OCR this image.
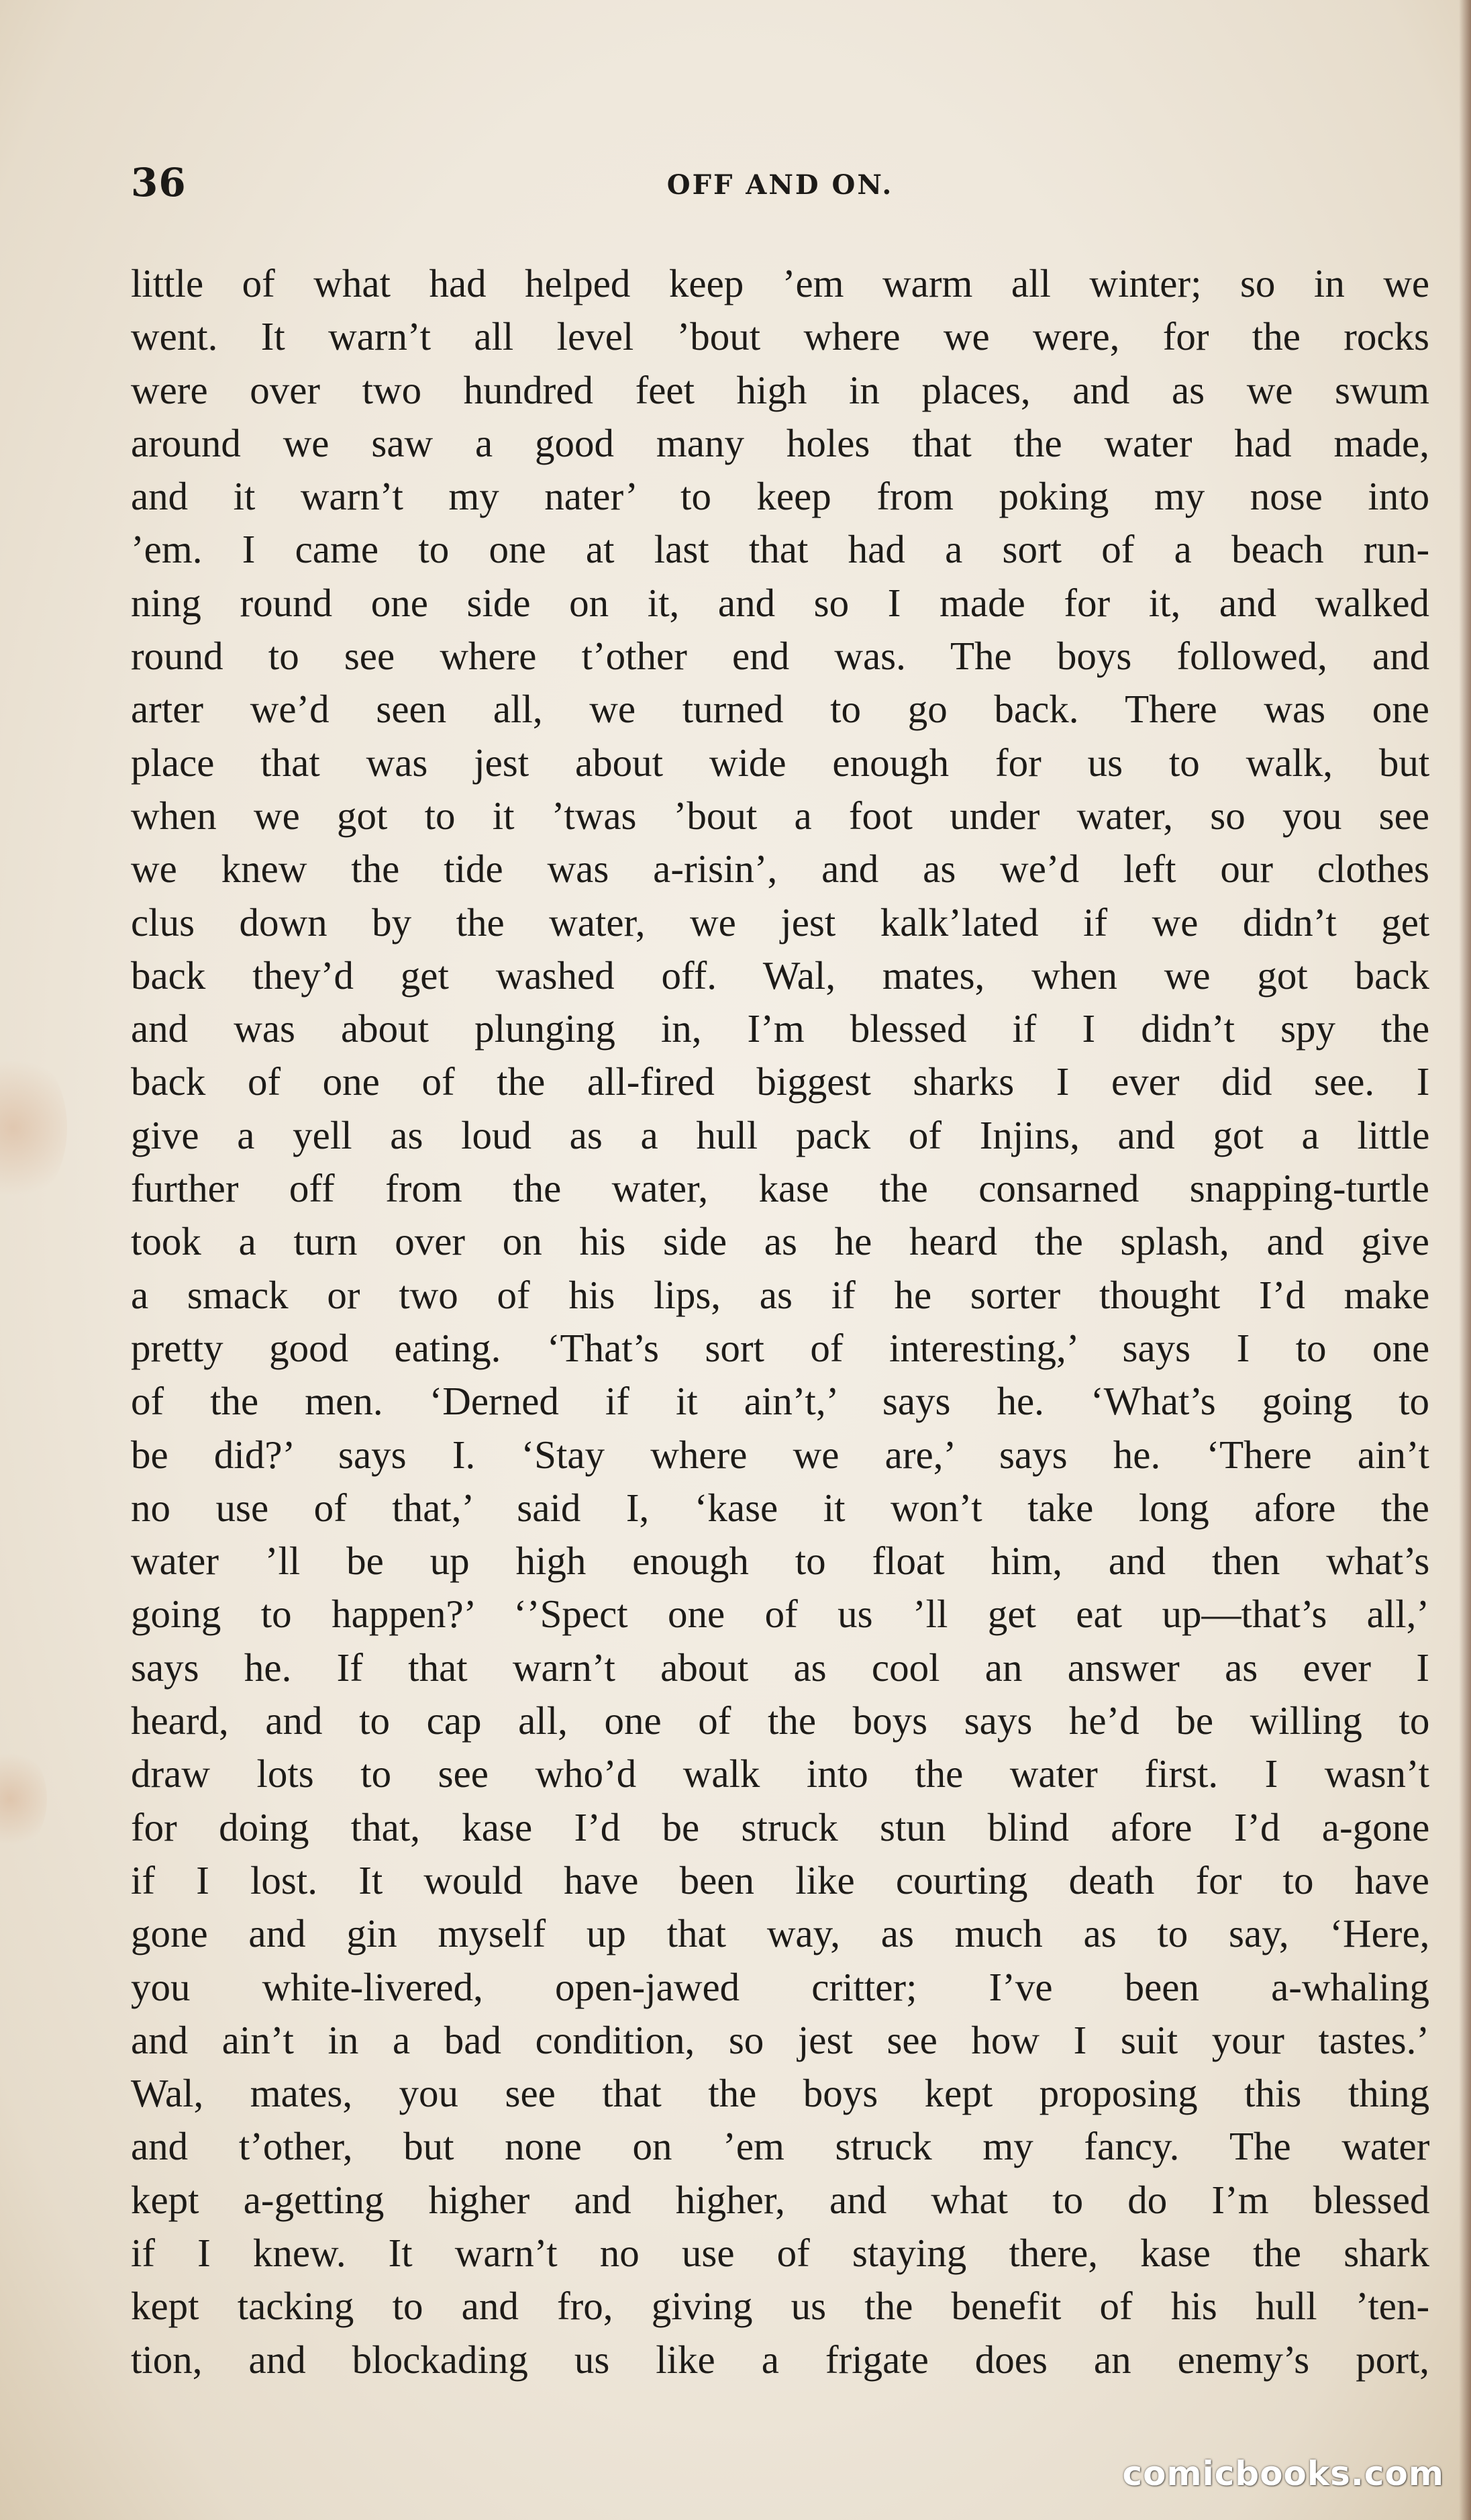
36	OFF AND ON.
little of what had helped keep ’em warm all winter; so in we
went. It warn’t all level ’bout where we were, for the rocks
were over two hundred feet high in places, and as we swum
around we saw a good many holes that the water had made,
and it warn’t my nater’ to keep from poking my nose into
’em. I came to one at last that had a sort of a beach run-
ning round one side on it, and so I made for it, and walked
round to see where t’other end was. The boys followed, and
arter we’d seen all, we turned to go back. There was one
place that was jest about wide enough for us to walk, but
when we got to it ’twas ’bout a foot under water, so you see
we knew the tide was a-risin’, and as we’d left our clothes
clus down by the water, we jest kalk’lated if we didn’t get
back they’d get washed off. Wal, mates, when we got back
and was about plunging in, I’m blessed if I didn’t spy the
back of one of the all-fired biggest sharks I ever did see. I
give a yell as loud as a hull pack of Injins, and got a little
further off from the water, kase the consarned snapping-turtle
took a turn over on his side as he heard the splash, and give
a smack or two of his lips, as if he sorter thought I’d make
pretty good eating. ‘That’s sort of interesting,’ says I to one
of the men. ‘Derned if it ain’t,’ says he. ‘What’s going to
be did?’ says I. ‘Stay where we are,’ says he. ‘There ain’t
no use of that,’ said I, ‘kase it won’t take long afore the
water ’ll be up high enough to float him, and then what’s
going to happen?’ ‘’Spect one of us ’ll get eat up—that’s all,’
says he. If that warn’t about as cool an answer as ever I
heard, and to cap all, one of the boys says he’d be willing to
draw lots to see who’d walk into the water first. I wasn’t
for doing that, kase I’d be struck stun blind afore I’d a-gone
if I lost. It would have been like courting death for to have
gone and gin myself up that way, as much as to say, ‘Here,
you white-livered, open-jawed critter; I’ve been a-whaling
and ain’t in a bad condition, so jest see how I suit your tastes.’
Wal, mates, you see that the boys kept proposing this thing
and t’other, but none on ’em struck my fancy. The water
kept a-getting higher and higher, and what to do I’m blessed
if I knew. It warn’t no use of staying there, kase the shark
kept tacking to and fro, giving us the benefit of his hull ’ten-
tion, and blockading us like a frigate does an enemy’s port,
comicbooks.com
